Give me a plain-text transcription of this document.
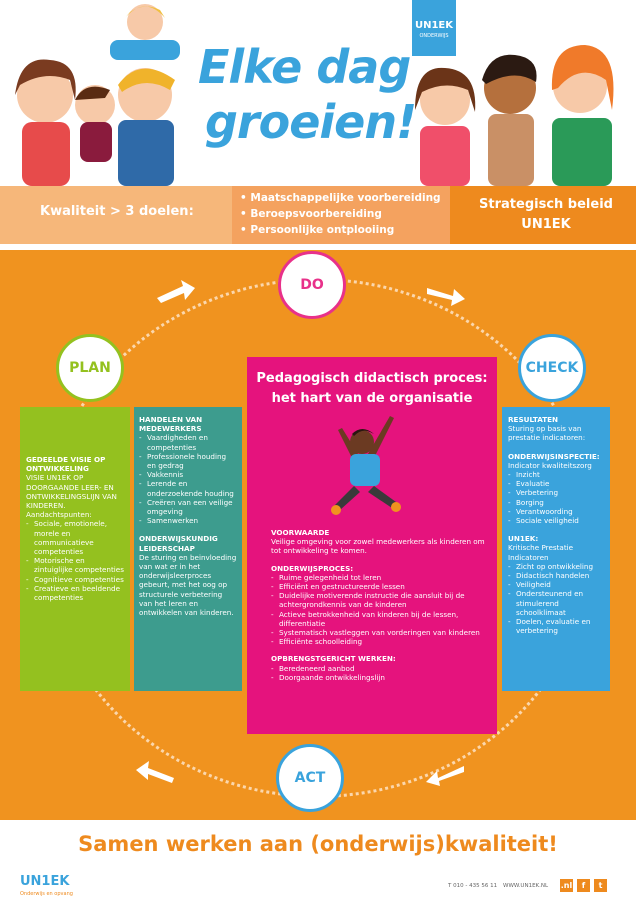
Elke dag
groeien!
UN1EK
ONDERWIJS
Kwaliteit > 3 doelen:
• Maatschappelijke voorbereiding
• Beroepsvoorbereiding
• Persoonlijke ontplooiing
Strategisch beleid
UN1EK
DO
PLAN	CHECK
ACT
GEDEELDE VISIE OP ONTWIKKELING
VISIE UN1EK OP DOORGAANDE LEER- EN ONTWIKKELINGSLIJN VAN KINDEREN.
Aandachtspunten:
- Sociale, emotionele, morele en communicatieve competenties
- Motorische en zintuiglijke competenties
- Cognitieve competenties
- Creatieve en beeldende competenties
HANDELEN VAN MEDEWERKERS
- Vaardigheden en competenties
- Professionele houding en gedrag
- Vakkennis
- Lerende en onderzoekende houding
- Creëren van een veilige omgeving
- Samenwerken
ONDERWIJSKUNDIG LEIDERSCHAP
De sturing en beinvloeding van wat er in het onderwijsleerproces gebeurt, met het oog op structurele verbetering van het leren en ontwikkelen van kinderen.
Pedagogisch didactisch proces:
het hart van de organisatie
VOORWAARDE
Veilige omgeving voor zowel medewerkers als kinderen om tot ontwikkeling te komen.
ONDERWIJSPROCES:
- Ruime gelegenheid tot leren
- Efficiënt en gestructureerde lessen
- Duidelijke motiverende instructie die aansluit bij de achtergrondkennis van de kinderen
- Actieve betrokkenheid van kinderen bij de lessen, differentiatie
- Systematisch vastleggen van vorderingen van kinderen
- Efficiënte schoolleiding
OPBRENGSTGERICHT WERKEN:
- Beredeneerd aanbod
- Doorgaande ontwikkelingslijn
RESULTATEN
Sturing op basis van prestatie indicatoren:
ONDERWIJSINSPECTIE:
Indicator kwaliteitszorg
- Inzicht
- Evaluatie
- Verbetering
- Borging
- Verantwoording
- Sociale veiligheid
UN1EK:
Kritische Prestatie Indicatoren
- Zicht op ontwikkeling
- Didactisch handelen
- Veiligheid
- Ondersteunend en stimulerend schoolklimaat
- Doelen, evaluatie en verbetering
Samen werken aan (onderwijs)kwaliteit!
UN1EK
Onderwijs en opvang
T 010 - 435 56 11 WWW.UN1EK.NL .nl	f	t
